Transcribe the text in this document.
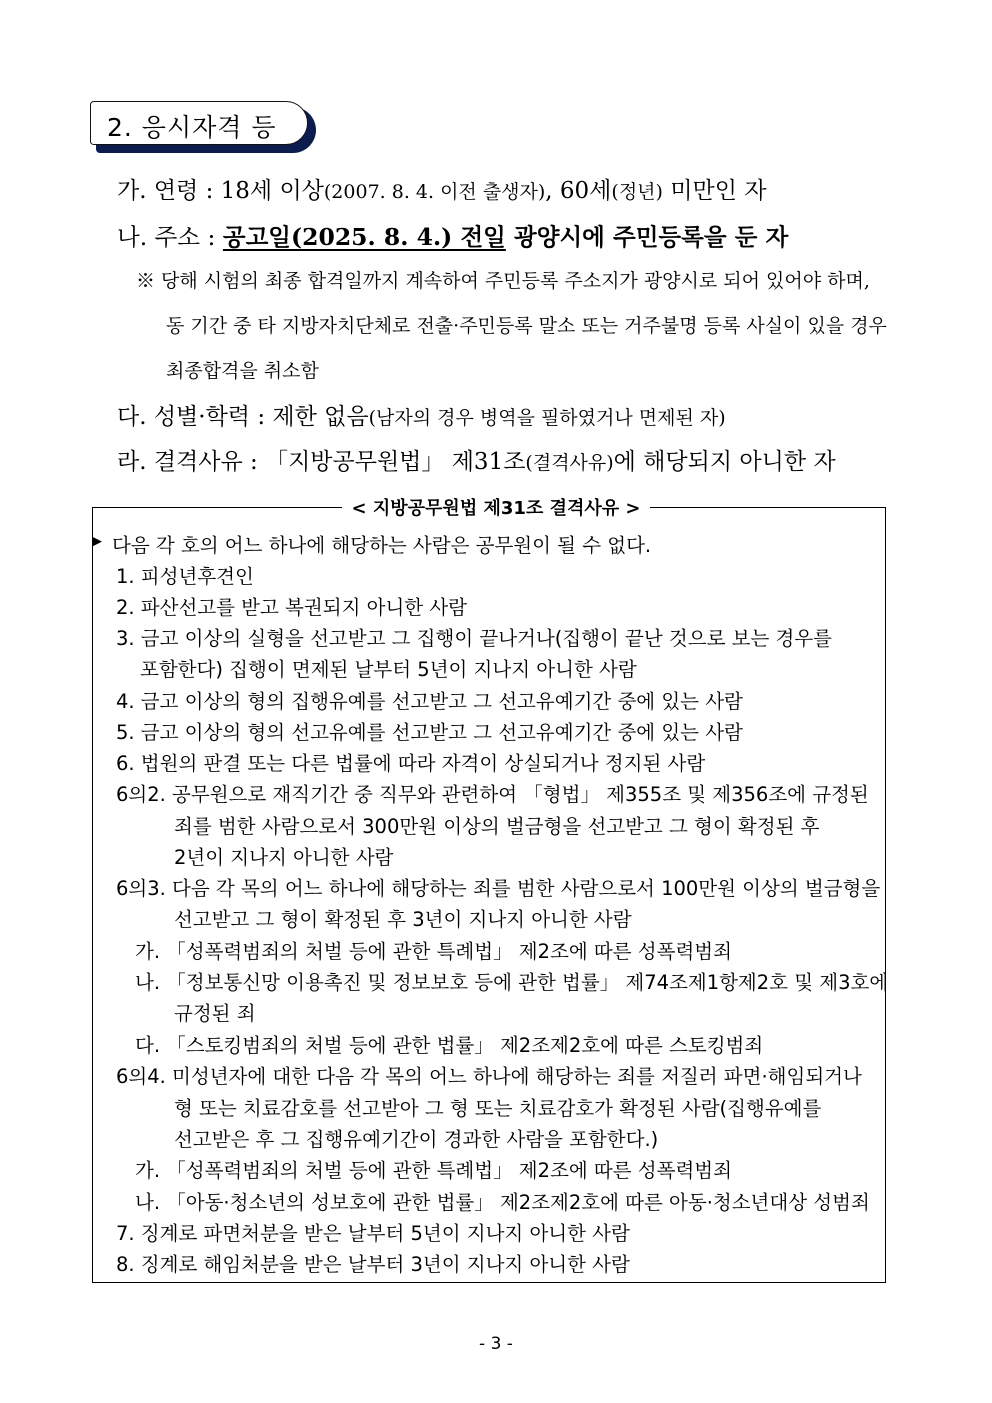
2. 응시자격 등
가. 연령 : 18세 이상(2007. 8. 4. 이전 출생자), 60세(정년) 미만인 자
나. 주소 : 공고일(2025. 8. 4.) 전일 광양시에 주민등록을 둔 자
※ 당해 시험의 최종 합격일까지 계속하여 주민등록 주소지가 광양시로 되어 있어야 하며,
동 기간 중 타 지방자치단체로 전출·주민등록 말소 또는 거주불명 등록 사실이 있을 경우
최종합격을 취소함
다. 성별·학력 : 제한 없음(남자의 경우 병역을 필하였거나 면제된 자)
라. 결격사유 : 「지방공무원법」 제31조(결격사유)에 해당되지 아니한 자
< 지방공무원법 제31조 결격사유 >
▶ 다음 각 호의 어느 하나에 해당하는 사람은 공무원이 될 수 없다.
1. 피성년후견인
2. 파산선고를 받고 복권되지 아니한 사람
3. 금고 이상의 실형을 선고받고 그 집행이 끝나거나(집행이 끝난 것으로 보는 경우를
포함한다) 집행이 면제된 날부터 5년이 지나지 아니한 사람
4. 금고 이상의 형의 집행유예를 선고받고 그 선고유예기간 중에 있는 사람
5. 금고 이상의 형의 선고유예를 선고받고 그 선고유예기간 중에 있는 사람
6. 법원의 판결 또는 다른 법률에 따라 자격이 상실되거나 정지된 사람
6의2. 공무원으로 재직기간 중 직무와 관련하여 「형법」 제355조 및 제356조에 규정된
죄를 범한 사람으로서 300만원 이상의 벌금형을 선고받고 그 형이 확정된 후
2년이 지나지 아니한 사람
6의3. 다음 각 목의 어느 하나에 해당하는 죄를 범한 사람으로서 100만원 이상의 벌금형을
선고받고 그 형이 확정된 후 3년이 지나지 아니한 사람
가. 「성폭력범죄의 처벌 등에 관한 특례법」 제2조에 따른 성폭력범죄
나. 「정보통신망 이용촉진 및 정보보호 등에 관한 법률」 제74조제1항제2호 및 제3호에
규정된 죄
다. 「스토킹범죄의 처벌 등에 관한 법률」 제2조제2호에 따른 스토킹범죄
6의4. 미성년자에 대한 다음 각 목의 어느 하나에 해당하는 죄를 저질러 파면·해임되거나
형 또는 치료감호를 선고받아 그 형 또는 치료감호가 확정된 사람(집행유예를
선고받은 후 그 집행유예기간이 경과한 사람을 포함한다.)
가. 「성폭력범죄의 처벌 등에 관한 특례법」 제2조에 따른 성폭력범죄
나. 「아동·청소년의 성보호에 관한 법률」 제2조제2호에 따른 아동·청소년대상 성범죄
7. 징계로 파면처분을 받은 날부터 5년이 지나지 아니한 사람
8. 징계로 해임처분을 받은 날부터 3년이 지나지 아니한 사람
- 3 -
